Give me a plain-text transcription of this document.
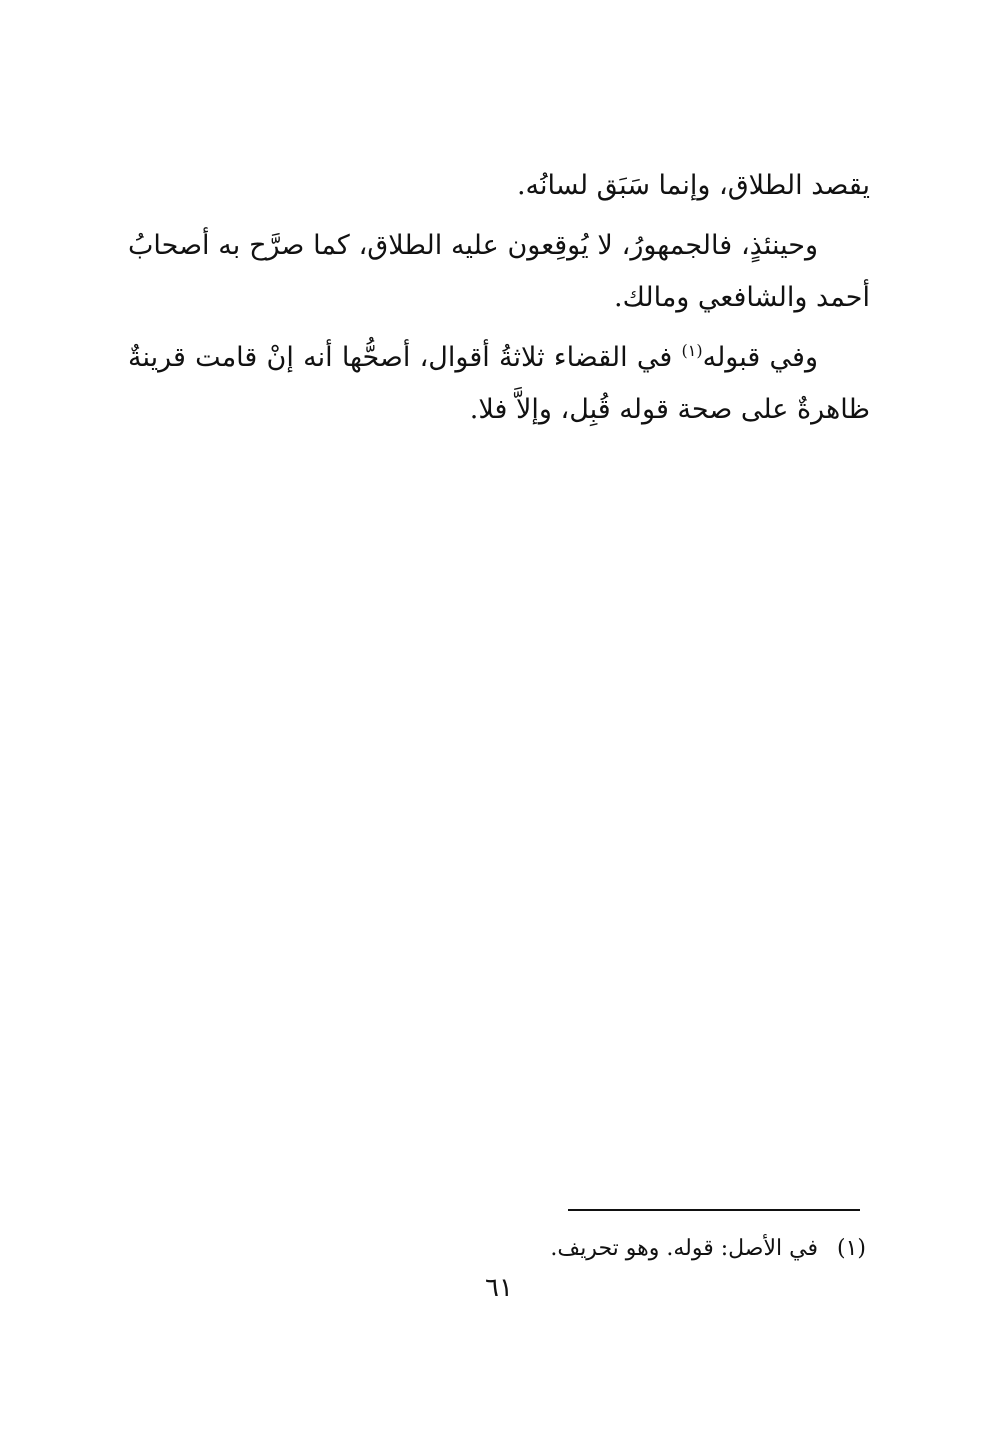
يقصد الطلاق، وإنما سَبَق لسانُه.

وحينئذٍ، فالجمهورُ، لا يُوقِعون عليه الطلاق، كما صرَّح به أصحابُ أحمد والشافعي ومالك.

وفي قبوله$^{(١)}$ في القضاء ثلاثةُ أقوال، أصحُّها أنه إنْ قامت قرينةٌ ظاهرةٌ على صحة قوله قُبِل، وإلاَّ فلا.

(١) في الأصل: قوله. وهو تحريف.
٦١
